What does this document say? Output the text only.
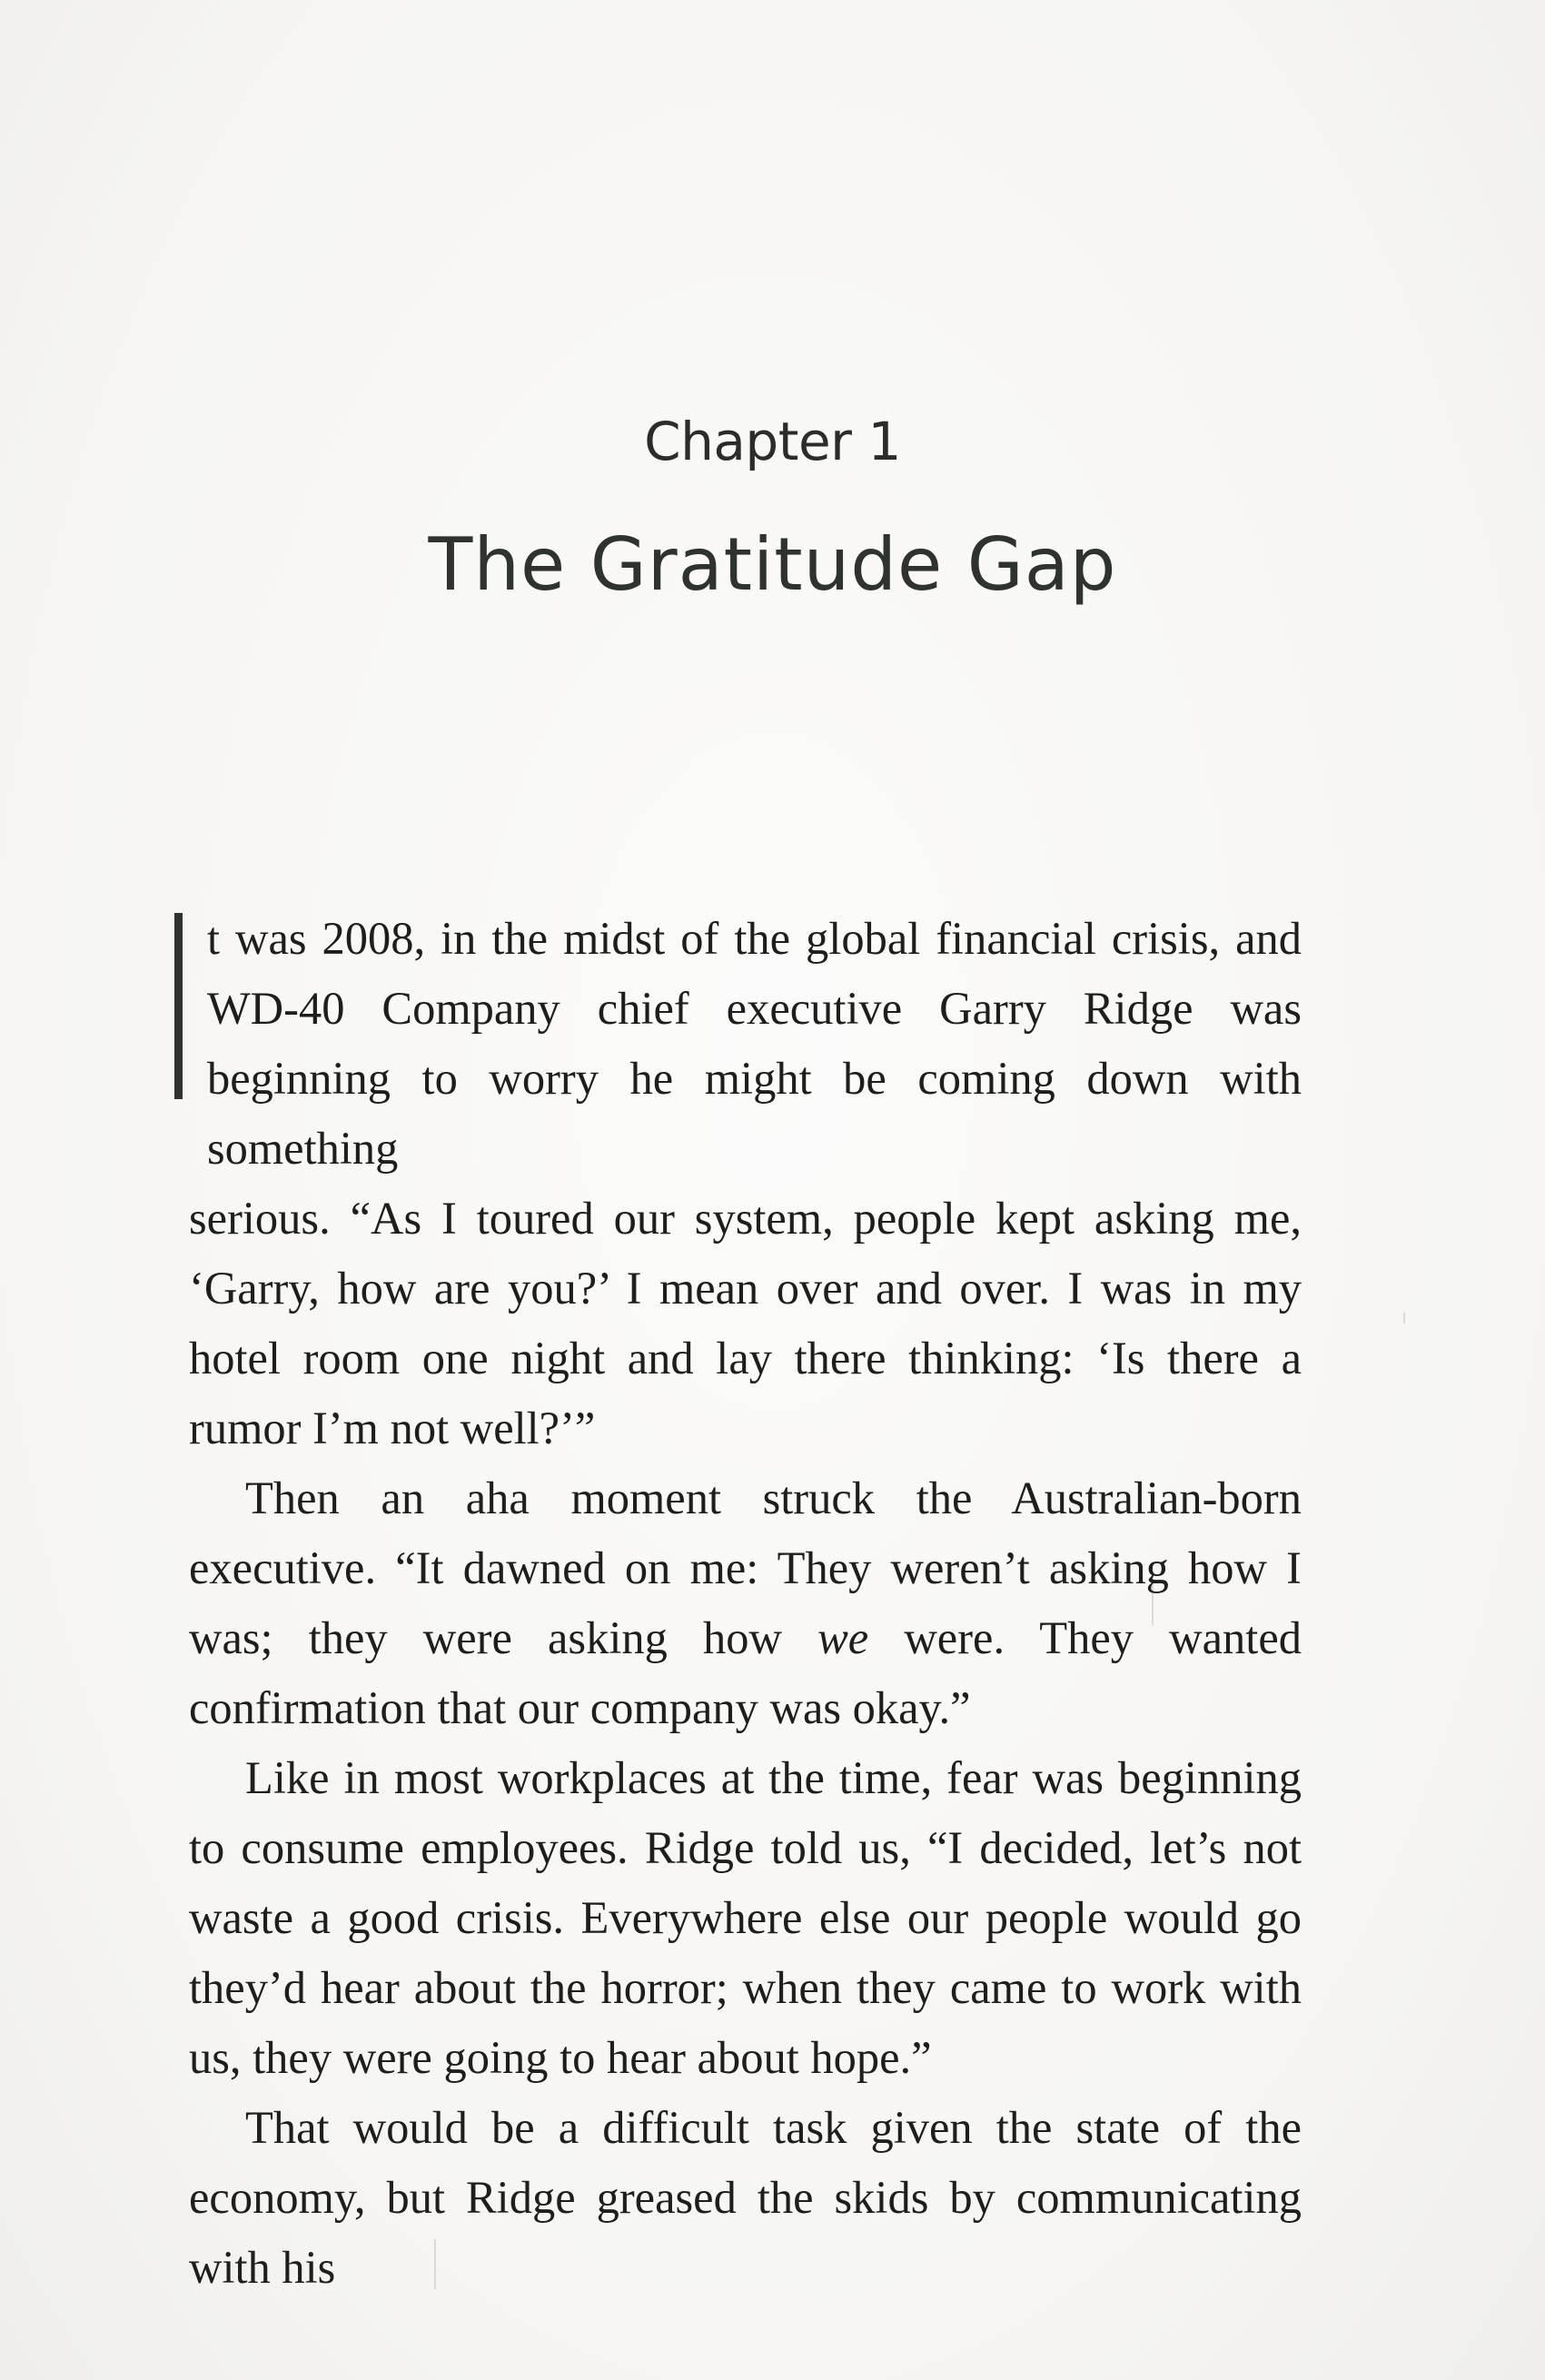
Chapter 1
The Gratitude Gap

t was 2008, in the midst of the global financial crisis, and WD-40 Company chief executive Garry Ridge was beginning to worry he might be coming down with something

serious. “As I toured our system, people kept asking me, ‘Garry, how are you?’ I mean over and over. I was in my hotel room one night and lay there thinking: ‘Is there a rumor I’m not well?’”

Then an aha moment struck the Australian-born executive. “It dawned on me: They weren’t asking how I was; they were asking how we were. They wanted confirmation that our company was okay.”

Like in most workplaces at the time, fear was beginning to consume employees. Ridge told us, “I decided, let’s not waste a good crisis. Everywhere else our people would go they’d hear about the horror; when they came to work with us, they were going to hear about hope.”

That would be a difficult task given the state of the economy, but Ridge greased the skids by communicating with his
